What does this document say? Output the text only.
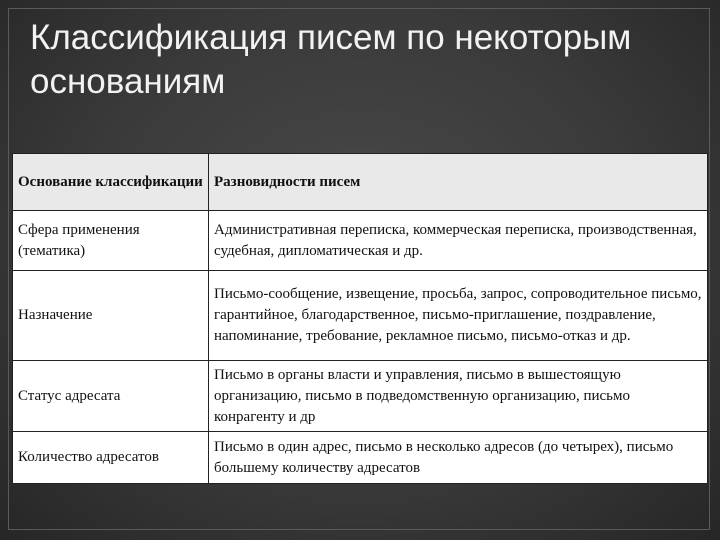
Классификация писем по некоторым основаниям
Основание классификации	Разновидности писем
Сфера применения (тематика)	Административная переписка, коммерческая переписка, производственная, судебная, дипломатическая и др.
Назначение	Письмо-сообщение, извещение, просьба, запрос, сопроводительное письмо, гарантийное, благодарственное, письмо-приглашение, поздравление, напоминание, требование, рекламное письмо, письмо-отказ и др.
Статус адресата	Письмо в органы власти и управления, письмо в вышестоящую организацию, письмо в подведомственную организацию, письмо конрагенту и др
Количество адресатов	Письмо в один адрес, письмо в несколько адресов (до четырех), письмо большему количеству адресатов
